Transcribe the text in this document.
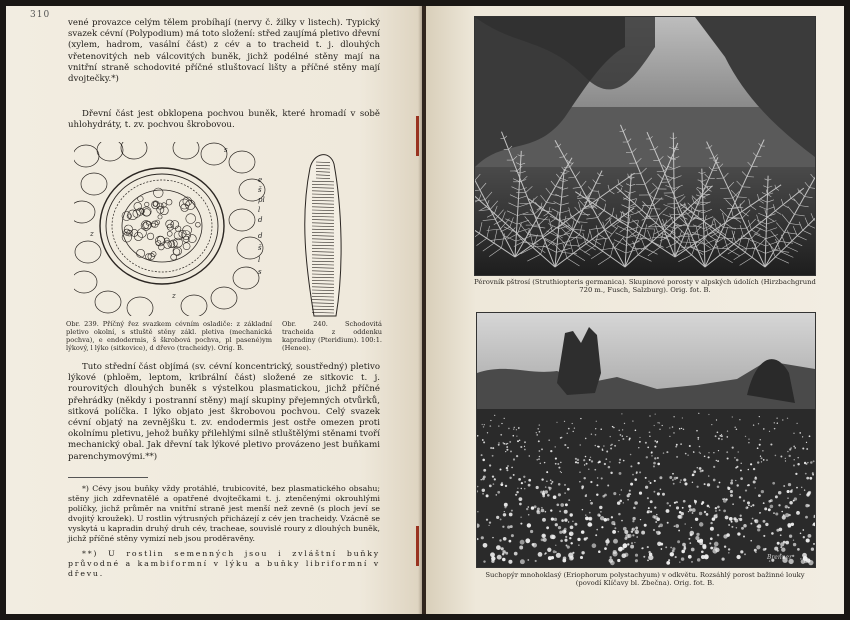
310

vené provazce celým tělem probíhají (nervy č. žilky v listech). Typický svazek cévní (Polypodium) má toto složení: střed zaujímá pletivo dřevní (xylem, hadrom, vasální část) z cév a to tracheid t. j. dlouhých vřetenovitých neb válcovitých buněk, jichž podélné stěny mají na vnitřní straně schodovité příčné stluštovací lišty a příčné stěny mají dvojtečky.*)

Dřevní část jest obklopena pochvou buněk, které hromadí v sobě uhlohydráty, t. zv. pochvou škrobovou.

s
e
š
pl
l
d
d
š
l
s
z
z

Obr. 239. Příčný řez svazkem cévním osladiče: z základní pletivo okolní, s stluště stěny zákl. pletiva (mechanická pochva), e endodermis, š škrobová pochva, pl pasené)ym lýkový, l lýko (sitkovice), d dřevo (tracheidy). Orig. B.

Obr. 240. Schodovitá tracheida z oddenku kapradiny (Pteridium). 100:1. (Henee).

Tuto střední část objímá (sv. cévní koncentrický, soustředný) pletivo lýkové (phloëm, leptom, kribrální část) složené ze sitkovic t. j. rourovitých dlouhých buněk s výstelkou plasmatickou, jichž příčné přehrádky (někdy i postranní stěny) mají skupiny přejemných otvůrků, sitková políčka. I lýko objato jest škrobovou pochvou. Celý svazek cévní objatý na zevnějšku t. zv. endodermis jest ostře omezen proti okolnímu pletivu, jehož buňky přilehlými silně stluštělými stěnami tvoří mechanický obal. Jak dřevní tak lýkové pletivo provázeno jest buňkami parenchymovými.**)

*) Cévy jsou buňky vždy protáhlé, trubicovité, bez plasmatického obsahu; stěny jich zdřevnatělé a opatřené dvojtečkami t. j. ztenčenými okrouhlými políčky, jichž průměr na vnitřní straně jest menší než zevně (s ploch jeví se dvojitý kroužek). U rostlin výtrusných přicházejí z cév jen tracheidy. Vzácně se vyskytá u kapradin druhý druh cév, tracheae, souvislé roury z dlouhých buněk, jichž příčné stěny vymizí neb jsou proděravěny.

**) U rostlin semenných jsou i zvláštní buňky průvodné a kambiformní v lýku a buňky libriformní v dřevu.

Pérovník pštrosí (Struthiopteris germanica). Skupinové porosty v alpských údolích (Hirzbachgrund 720 m., Fusch, Salzburg). Orig. fot. B.

Brenner

Suchopýr mnohoklasý (Eriophorum polystachyum) v odkvětu. Rozsáhlý porost bažinné louky (povodí Klíčavy bl. Zbečna). Orig. fot. B.
